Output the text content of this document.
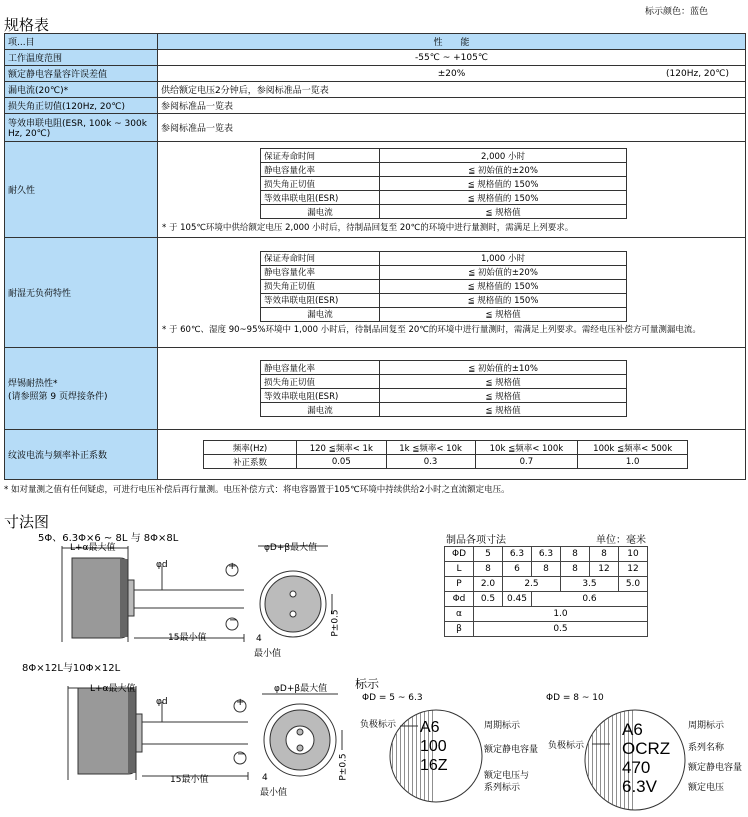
标示颜色：蓝色
规格表
项...目	性　　能
工作温度范围	-55℃ ~ +105℃
额定静电容量容许误差值	±20%	(120Hz, 20℃)

漏电流(20℃)*	供给额定电压2分钟后，参阅标准品一览表
损失角正切值(120Hz, 20℃)	参阅标准品一览表
等效串联电阻(ESR, 100k ~ 300k Hz, 20℃)	参阅标准品一览表
耐久性	
保证寿命时间	2,000 小时
静电容量化率	≦ 初始值的±20%
损失角正切值	≦ 规格值的 150%
等效串联电阻(ESR)	≦ 规格值的 150%
漏电流	≦ 规格值
* 于 105℃环境中供给额定电压 2,000 小时后，待制品回复至 20℃的环境中进行量测时，需满足上列要求。

耐湿无负荷特性	
保证寿命时间	1,000 小时
静电容量化率	≦ 初始值的±20%
损失角正切值	≦ 规格值的 150%
等效串联电阻(ESR)	≦ 规格值的 150%
漏电流	≦ 规格值
* 于 60℃、湿度 90~95%环境中 1,000 小时后，待制品回复至 20℃的环境中进行量测时，需满足上列要求。需经电压补偿方可量测漏电流。

焊锡耐热性*
(请参照第 9 页焊接条件)

静电容量化率	≦ 初始值的±10%
损失角正切值	≦ 规格值
等效串联电阻(ESR)	≦ 规格值
漏电流	≦ 规格值

纹波电流与频率补正系数	
频率(Hz)	120 ≦频率< 1k	1k ≦频率< 10k	10k ≦频率< 100k	100k ≦频率< 500k
补正系数	0.05	0.3	0.7	1.0
* 如对量测之值有任何疑虑，可进行电压补偿后再行量测。电压补偿方式：将电容器置于105℃环境中持续供给2小时之直流额定电压。
寸法图
5Φ、6.3Φ×6 ~ 8L 与 8Φ×8L
8Φ×12L与10Φ×12L
L+α最大值	φD+β最大值
φd	+
−
15最小值	4
最小值
P±0.5
L+α最大值	φD+β最大值
φd	+
−
15最小值	4
最小值
P±0.5
制品各项寸法	单位：毫米
ΦD	5	6.3	6.3	8	8	10
L	8	6	8	8	12	12
P	2.0	2.5		3.5		5.0
Φd	0.5	0.45	0.6			
α	1.0					
β	0.5					
标示
ΦD = 5 ~ 6.3	ΦD = 8 ~ 10
负极标示 A6
100
16Z
周期标示
额定静电容量
额定电压与
系列标示
负极标示
A6
OCRZ
470
6.3V
周期标示
系列名称
额定静电容量
额定电压
